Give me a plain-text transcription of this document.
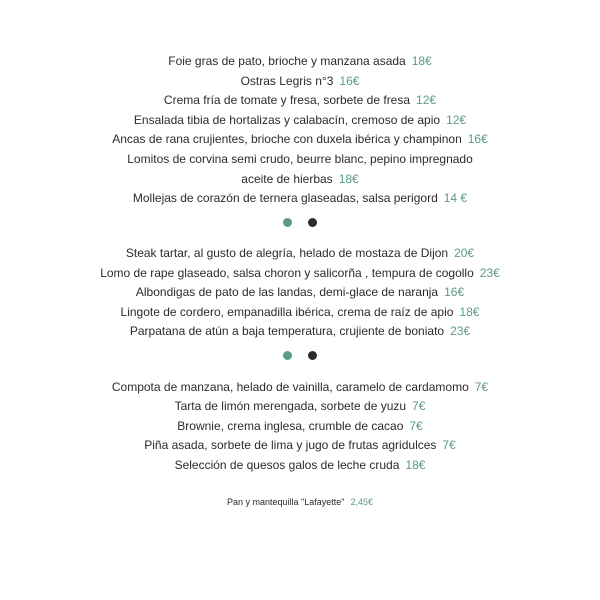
Foie gras de pato, brioche y manzana asada 18€
Ostras Legris n°3 16€
Crema fría de tomate y fresa, sorbete de fresa 12€
Ensalada tibia de hortalizas y calabacín, cremoso de apio 12€
Ancas de rana crujientes, brioche con duxela ibérica y champinon 16€
Lomitos de corvina semi crudo, beurre blanc, pepino impregnado
aceite de hierbas 18€
Mollejas de corazón de ternera glaseadas, salsa perigord 14 €
Steak tartar, al gusto de alegría, helado de mostaza de Dijon 20€
Lomo de rape glaseado, salsa choron y salicorña , tempura de cogollo 23€
Albondigas de pato de las landas, demi-glace de naranja 16€
Lingote de cordero, empanadilla ibérica, crema de raíz de apio 18€
Parpatana de atún a baja temperatura, crujiente de boniato 23€
Compota de manzana, helado de vainilla, caramelo de cardamomo 7€
Tarta de limón merengada, sorbete de yuzu 7€
Brownie, crema inglesa, crumble de cacao 7€
Piña asada, sorbete de lima y jugo de frutas agridulces 7€
Selección de quesos galos de leche cruda 18€
Pan y mantequilla "Lafayette" 2,45€
